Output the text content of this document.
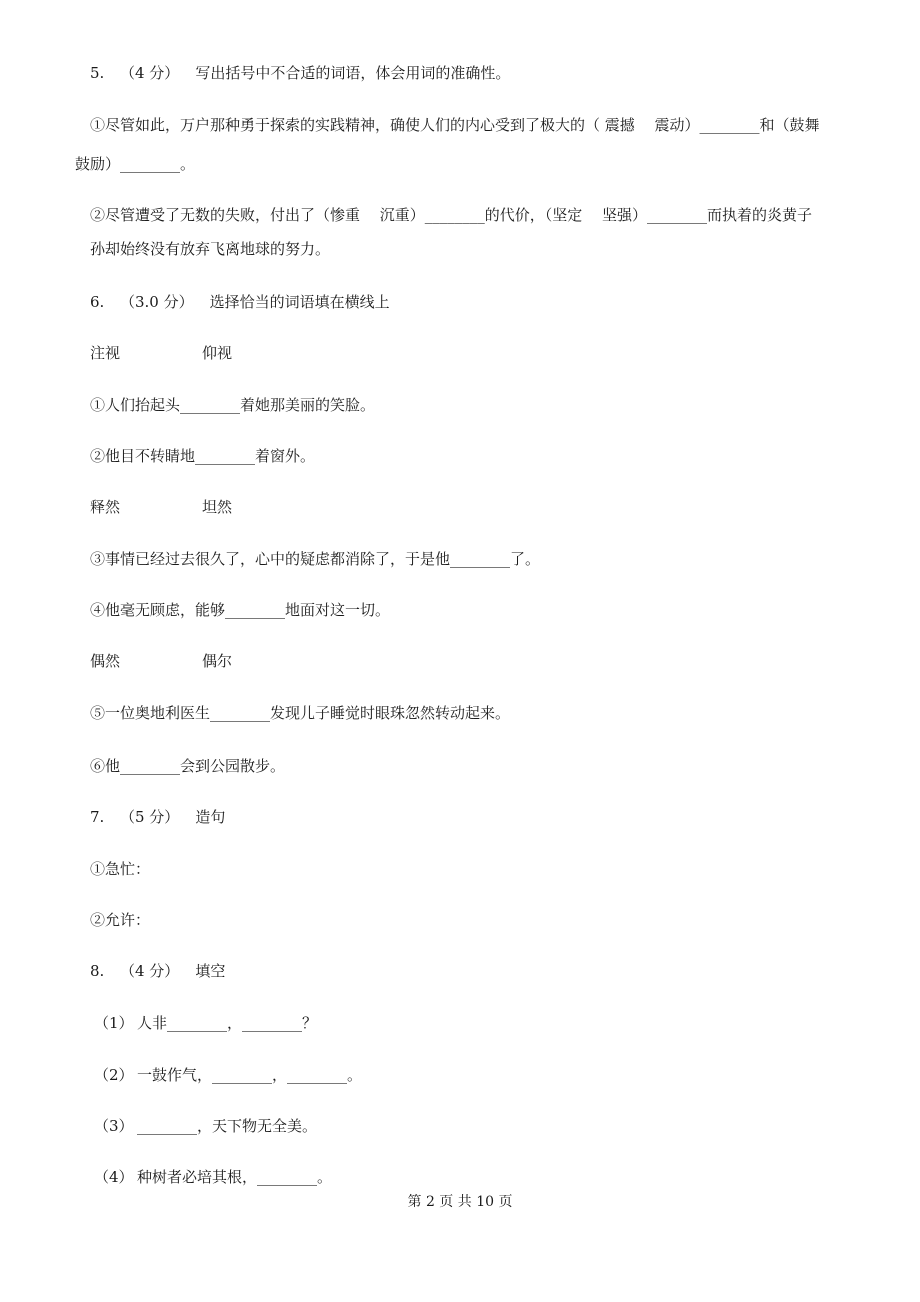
5. （4 分） 写出括号中不合适的词语，体会用词的准确性。
①尽管如此，万户那种勇于探索的实践精神，确使人们的内心受到了极大的（ 震撼　 震动）________和（鼓舞
鼓励）________。
②尽管遭受了无数的失败，付出了（惨重　 沉重）________的代价，（坚定　 坚强）________而执着的炎黄子
孙却始终没有放弃飞离地球的努力。
6. （3.0 分） 选择恰当的词语填在横线上
注视	仰视
①人们抬起头________着她那美丽的笑脸。
②他目不转睛地________着窗外。
释然	坦然
③事情已经过去很久了，心中的疑虑都消除了，于是他________了。
④他毫无顾虑，能够________地面对这一切。
偶然	偶尔
⑤一位奥地利医生________发现儿子睡觉时眼珠忽然转动起来。
⑥他________会到公园散步。
7. （5 分） 造句
①急忙：
②允许：
8. （4 分） 填空
（1） 人非________，________？
（2） 一鼓作气，________，________。
（3） ________，天下物无全美。
（4） 种树者必培其根，________。
第 2 页 共 10 页
